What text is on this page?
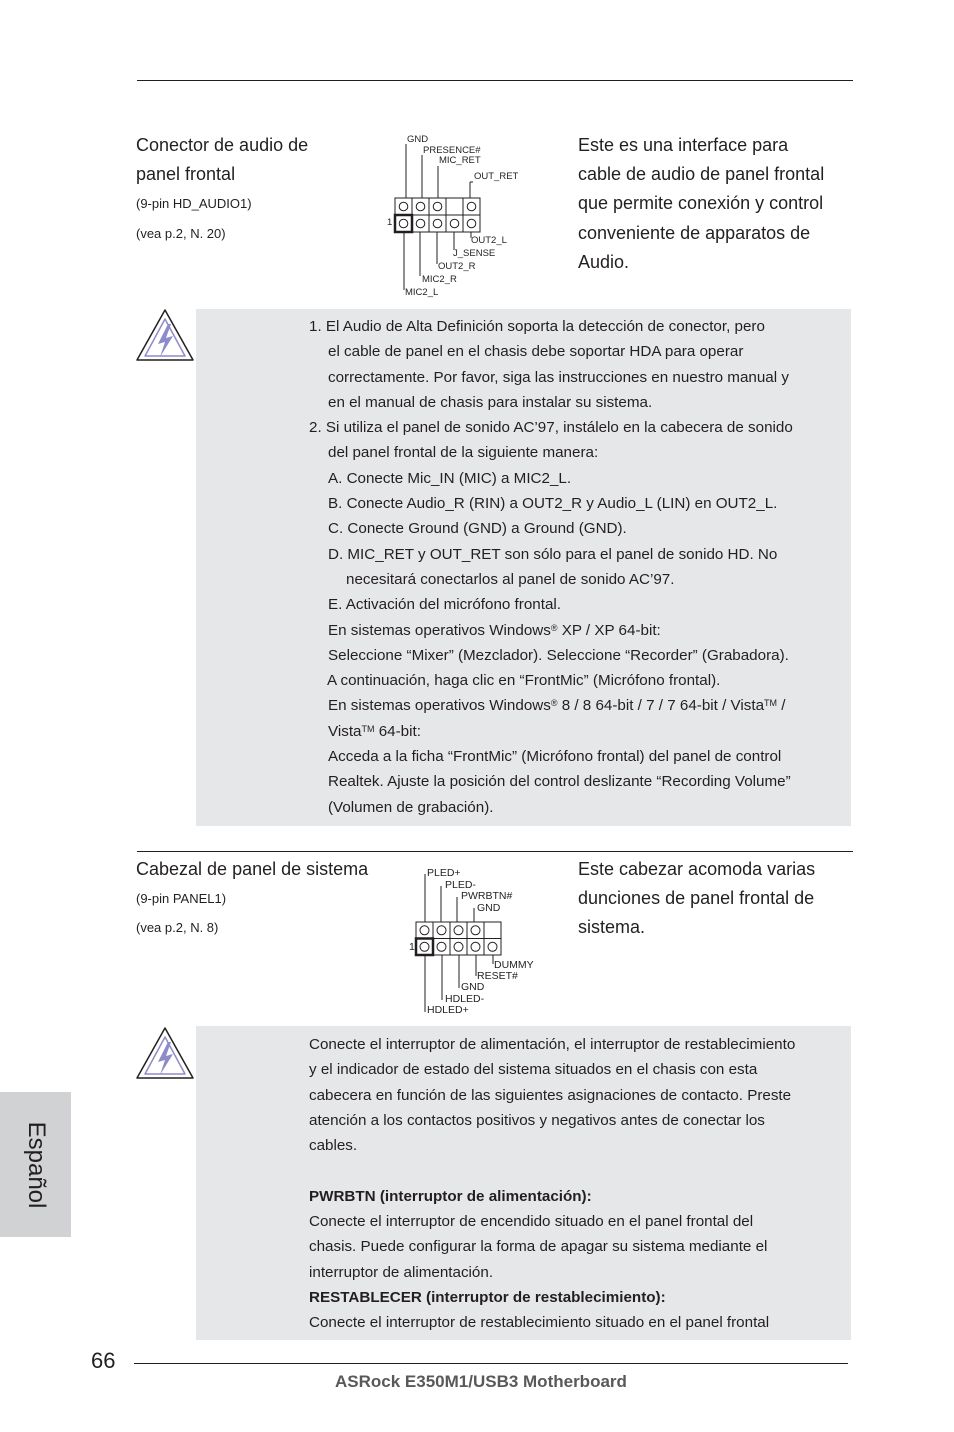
Conector de audio de
panel frontal
(9-pin HD_AUDIO1)
(vea p.2, N. 20)
GND
PRESENCE#
MIC_RET
OUT_RET
1
OUT2_L
J_SENSE
OUT2_R
MIC2_R
MIC2_L
Este es una interface para
cable de audio de panel frontal
que permite conexión y control
conveniente de apparatos de
Audio.

1. El Audio de Alta Definición soporta la detección de conector, pero

el cable de panel en el chasis debe soportar HDA para operar

correctamente. Por favor, siga las instrucciones en nuestro manual y

en el manual de chasis para instalar su sistema.

2. Si utiliza el panel de sonido AC’97, instálelo en la cabecera de sonido

del panel frontal de la siguiente manera:

A. Conecte Mic_IN (MIC) a MIC2_L.

B. Conecte Audio_R (RIN) a OUT2_R y Audio_L (LIN) en OUT2_L.

C. Conecte Ground (GND) a Ground (GND).

D. MIC_RET y OUT_RET son sólo para el panel de sonido HD. No

necesitará conectarlos al panel de sonido AC’97.

E. Activación del micrófono frontal.

En sistemas operativos Windows® XP / XP 64-bit:

Seleccione “Mixer” (Mezclador). Seleccione “Recorder” (Grabadora).

A continuación, haga clic en “FrontMic” (Micrófono frontal).

En sistemas operativos Windows® 8 / 8 64-bit / 7 / 7 64-bit / Vista™ /

Vista™ 64-bit:

Acceda a la ficha “FrontMic” (Micrófono frontal) del panel de control

Realtek. Ajuste la posición del control deslizante “Recording Volume”

(Volumen de grabación).

Cabezal de panel de sistema
(9-pin PANEL1)
(vea p.2, N. 8)
PLED+
PLED-
PWRBTN#
GND
1
DUMMY
RESET#
GND
HDLED-
HDLED+
Este cabezar acomoda varias
dunciones de panel frontal de
sistema.

Conecte el interruptor de alimentación, el interruptor de restablecimiento

y el indicador de estado del sistema situados en el chasis con esta

cabecera en función de las siguientes asignaciones de contacto. Preste

atención a los contactos positivos y negativos antes de conectar los

cables.

PWRBTN (interruptor de alimentación):

Conecte el interruptor de encendido situado en el panel frontal del

chasis. Puede configurar la forma de apagar su sistema mediante el

interruptor de alimentación.

RESTABLECER (interruptor de restablecimiento):

Conecte el interruptor de restablecimiento situado en el panel frontal

Español
66
ASRock E350M1/USB3 Motherboard
